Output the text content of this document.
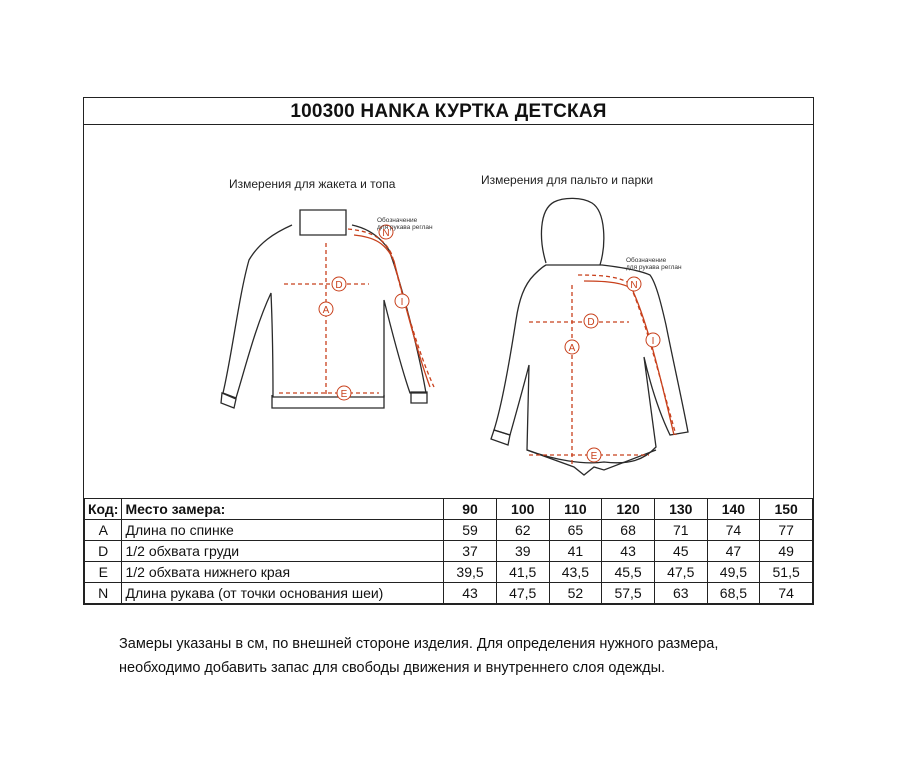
100300 HANKA КУРТКА ДЕТСКАЯ
Измерения для жакета и топа	Измерения для пальто и парки
A
D
E
I
N
Обозначение
для рукава реглан
A
D
E
I
N
Обозначение
для рукава реглан
Код:	Место замера:	90	100	110	120	130	140	150
A	Длина по спинке	59	62	65	68	71	74	77
D	1/2 обхвата груди	37	39	41	43	45	47	49
E	1/2 обхвата нижнего края	39,5	41,5	43,5	45,5	47,5	49,5	51,5
N	Длина рукава (от точки основания шеи)	43	47,5	52	57,5	63	68,5	74
Замеры указаны в см, по внешней стороне изделия. Для определения нужного размера,
необходимо добавить запас для свободы движения и внутреннего слоя одежды.
